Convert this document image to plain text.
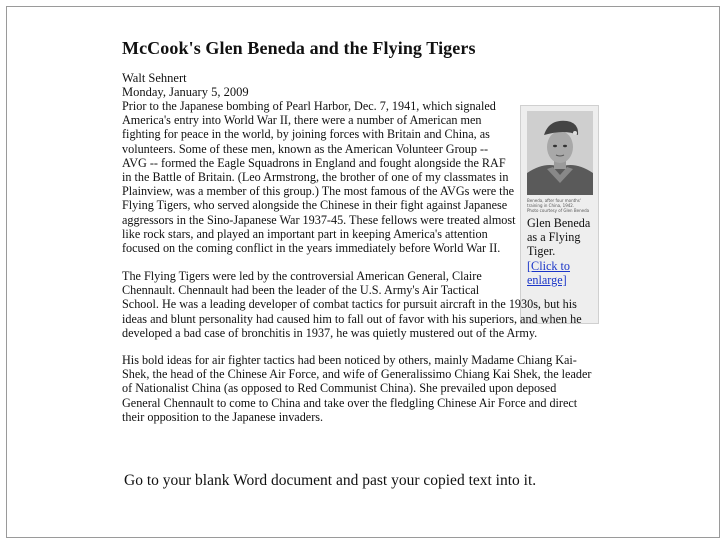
McCook's Glen Beneda and the Flying Tigers
Walt Sehnert
Monday, January 5, 2009
Prior to the Japanese bombing of Pearl Harbor, Dec. 7, 1941, which signaled
America's entry into World War II, there were a number of American men
fighting for peace in the world, by joining forces with Britain and China, as
volunteers. Some of these men, known as the American Volunteer Group --
AVG -- formed the Eagle Squadrons in England and fought alongside the RAF
in the Battle of Britain. (Leo Armstrong, the brother of one of my classmates in
Plainview, was a member of this group.) The most famous of the AVGs were the
Flying Tigers, who served alongside the Chinese in their fight against Japanese
aggressors in the Sino-Japanese War 1937-45. These fellows were treated almost
like rock stars, and played an important part in keeping America's attention
focused on the coming conflict in the years immediately before World War II.
Beneda, after four months' training in China, 1942.
Photo courtesy of Glen Beneda
Glen Beneda
as a Flying
Tiger.
[Click to
enlarge]
The Flying Tigers were led by the controversial American General, Claire
Chennault. Chennault had been the leader of the U.S. Army's Air Tactical
School. He was a leading developer of combat tactics for pursuit aircraft in the 1930s, but his
ideas and blunt personality had caused him to fall out of favor with his superiors, and when he
developed a bad case of bronchitis in 1937, he was quietly mustered out of the Army.
His bold ideas for air fighter tactics had been noticed by others, mainly Madame Chiang Kai-
Shek, the head of the Chinese Air Force, and wife of Generalissimo Chiang Kai Shek, the leader
of Nationalist China (as opposed to Red Communist China). She prevailed upon deposed
General Chennault to come to China and take over the fledgling Chinese Air Force and direct
their opposition to the Japanese invaders.
Go to your blank Word document and past your copied text into it.
